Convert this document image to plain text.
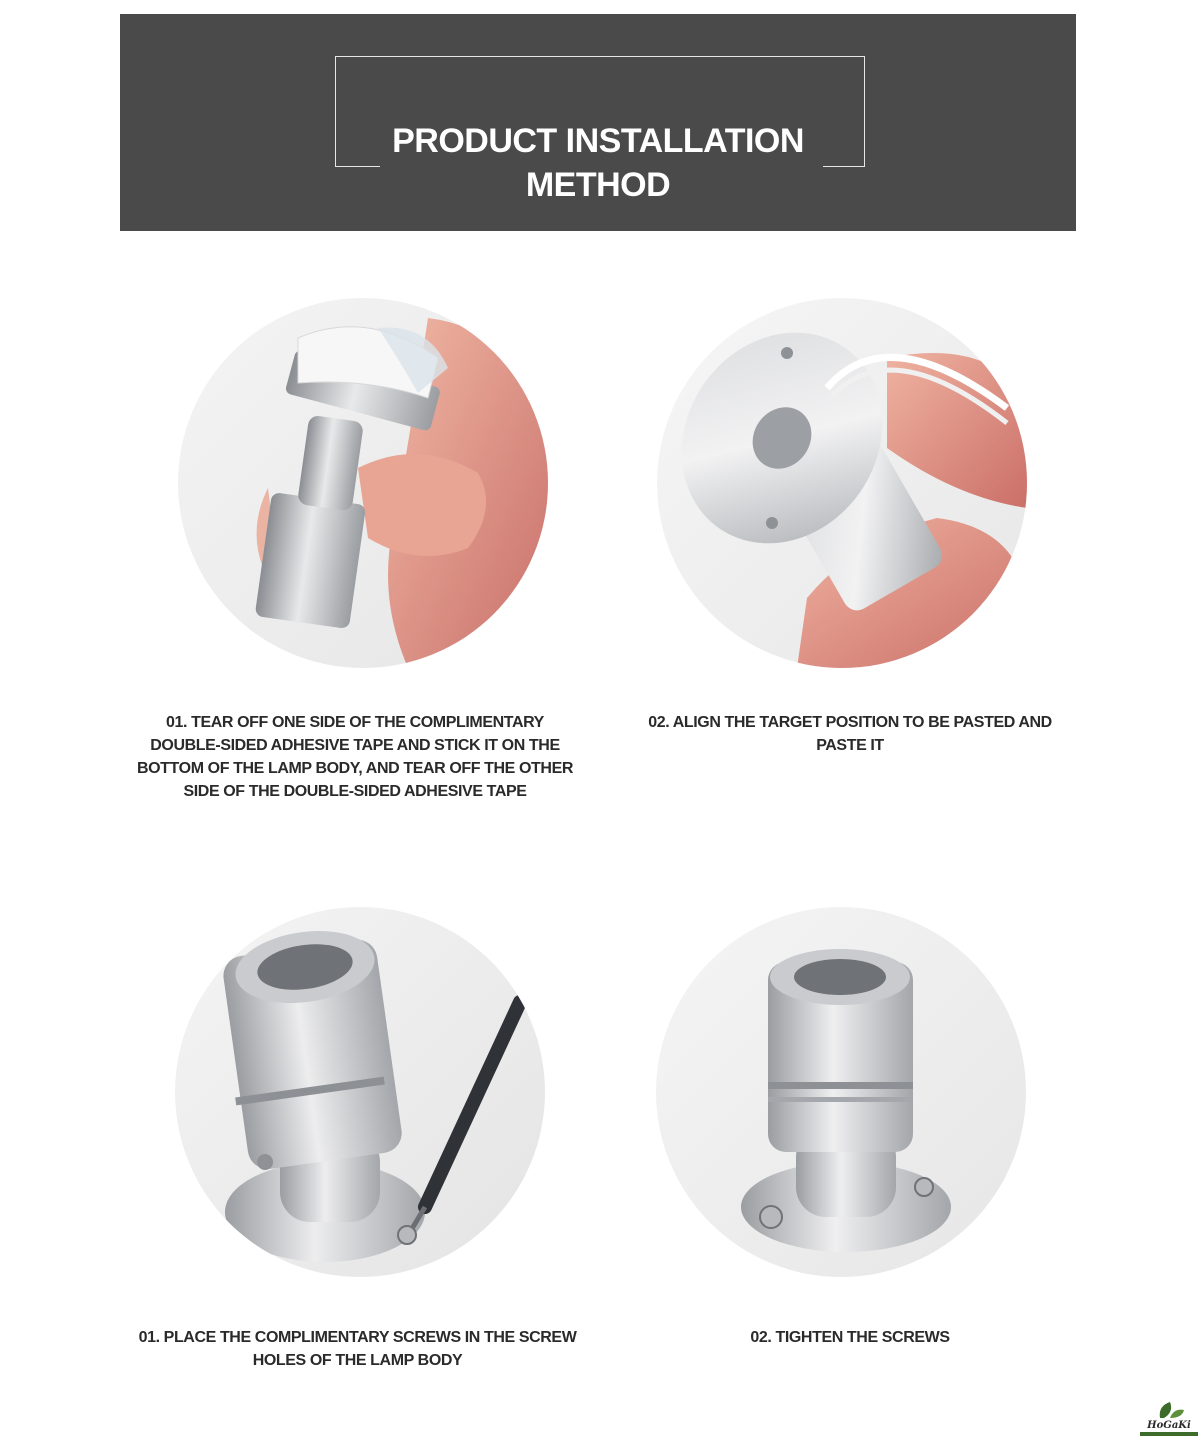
PRODUCT INSTALLATION
METHOD
01. TEAR OFF ONE SIDE OF THE COMPLIMENTARY DOUBLE-SIDED ADHESIVE TAPE AND STICK IT ON THE BOTTOM OF THE LAMP BODY, AND TEAR OFF THE OTHER SIDE OF THE DOUBLE-SIDED ADHESIVE TAPE
02. ALIGN THE TARGET POSITION TO BE PASTED AND PASTE IT
01. PLACE THE COMPLIMENTARY SCREWS IN THE SCREW HOLES OF THE LAMP BODY
02. TIGHTEN THE SCREWS
HoGaKi
